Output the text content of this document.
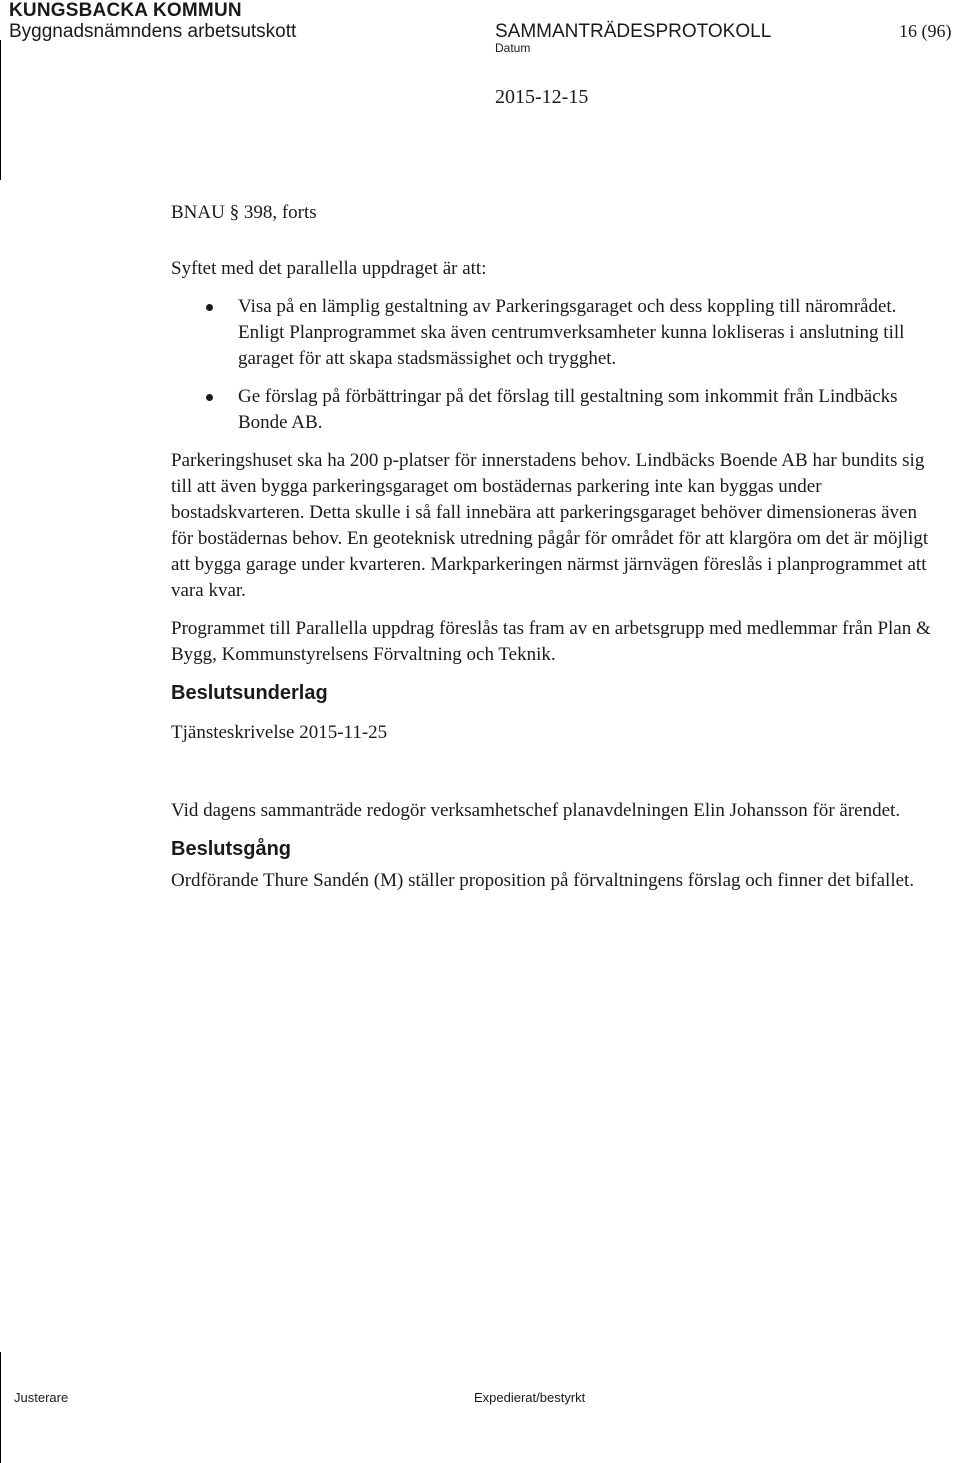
KUNGSBACKA KOMMUN
Byggnadsnämndens arbetsutskott	SAMMANTRÄDESPROTOKOLL	16 (96)
Datum
2015-12-15

BNAU § 398, forts

Syftet med det parallella uppdraget är att:

Visa på en lämplig gestaltning av Parkeringsgaraget och dess koppling till närområdet. Enligt Planprogrammet ska även centrumverksamheter kunna lokliseras i anslutning till garaget för att skapa stadsmässighet och trygghet.
Ge förslag på förbättringar på det förslag till gestaltning som inkommit från Lindbäcks Bonde AB.

Parkeringshuset ska ha 200 p-platser för innerstadens behov. Lindbäcks Boende AB har bundits sig till att även bygga parkeringsgaraget om bostädernas parkering inte kan byggas under bostadskvarteren. Detta skulle i så fall innebära att parkeringsgaraget behöver dimensioneras även för bostädernas behov. En geoteknisk utredning pågår för området för att klargöra om det är möjligt att bygga garage under kvarteren. Markparkeringen närmst järnvägen föreslås i planprogrammet att vara kvar.

Programmet till Parallella uppdrag föreslås tas fram av en arbetsgrupp med medlemmar från Plan & Bygg, Kommunstyrelsens Förvaltning och Teknik.

Beslutsunderlag

Tjänsteskrivelse 2015-11-25

Vid dagens sammanträde redogör verksamhetschef planavdelningen Elin Johansson för ärendet.

Beslutsgång

Ordförande Thure Sandén (M) ställer proposition på förvaltningens förslag och finner det bifallet.

Justerare	Expedierat/bestyrkt
